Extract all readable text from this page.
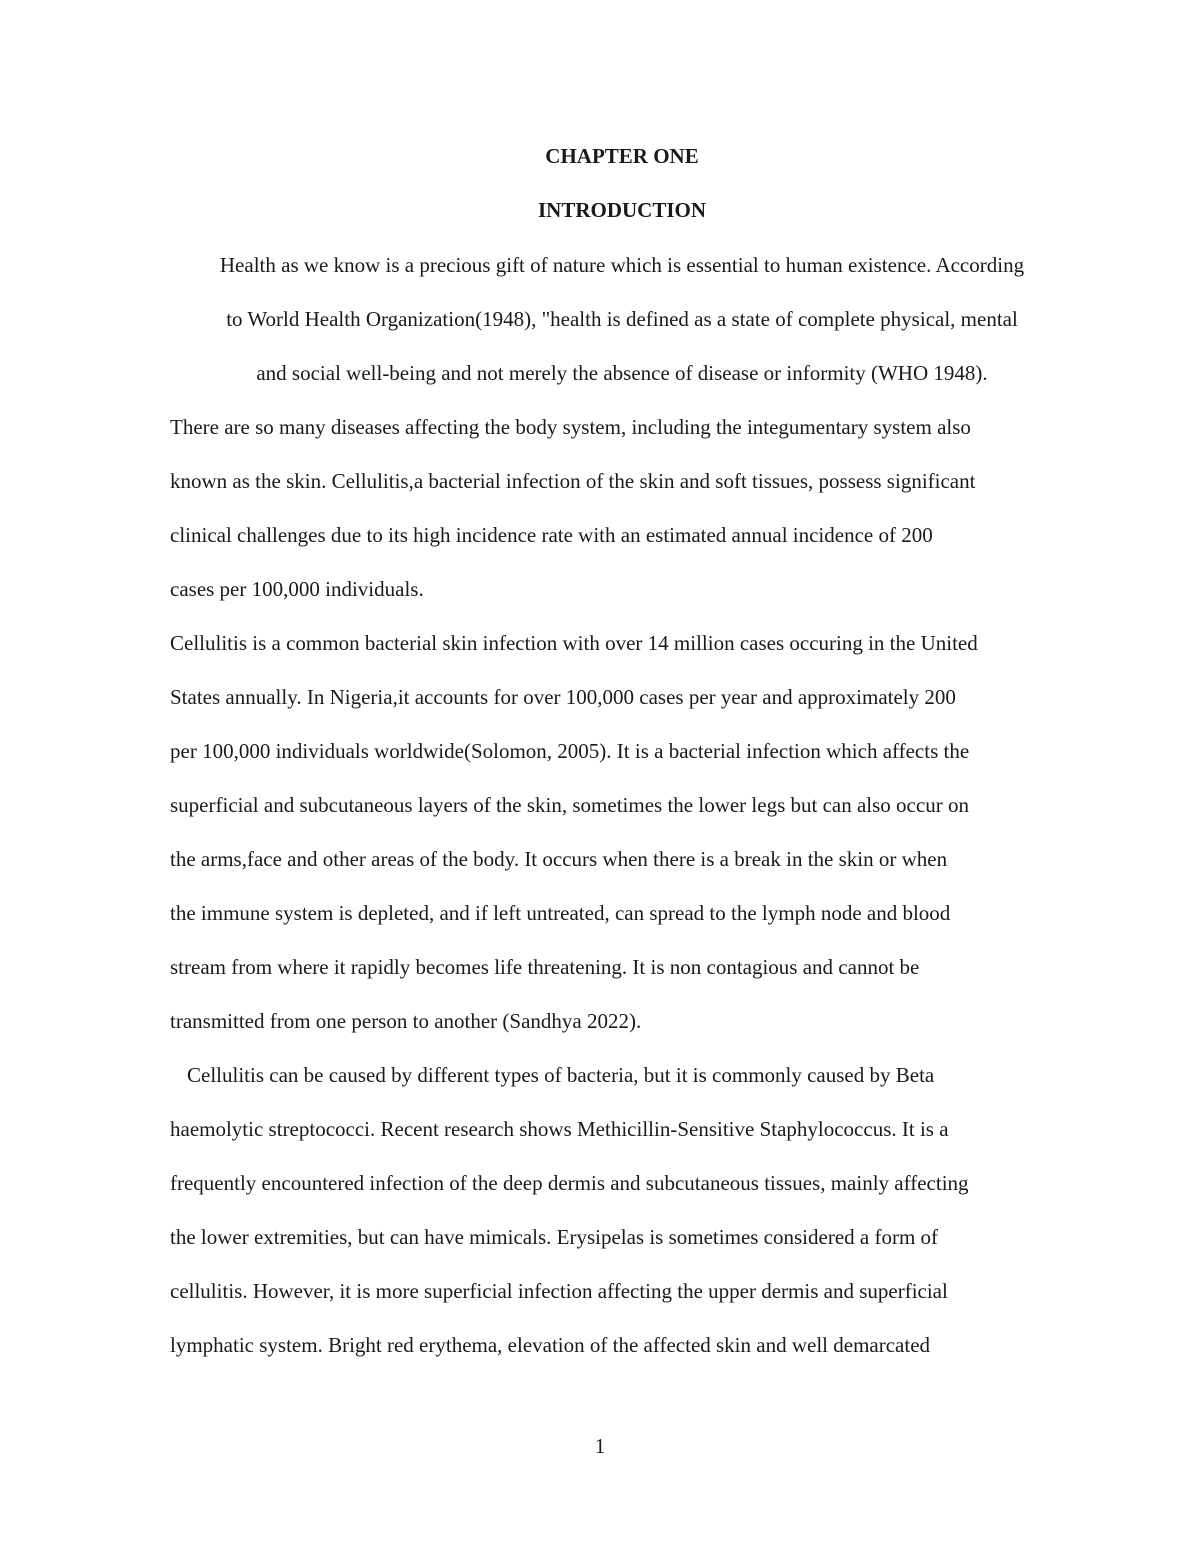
CHAPTER ONE
INTRODUCTION
Health as we know is a precious gift of nature which is essential to human existence. According
to World Health Organization(1948), "health is defined as a state of complete physical, mental
and social well-being and not merely the absence of disease or informity (WHO 1948).
There are so many diseases affecting the body system, including the integumentary system also
known as the skin. Cellulitis,a bacterial infection of the skin and soft tissues, possess significant
clinical challenges due to its high incidence rate with an estimated annual incidence of 200
cases per 100,000 individuals.
Cellulitis is a common bacterial skin infection with over 14 million cases occuring in the United
States annually. In Nigeria,it accounts for over 100,000 cases per year and approximately 200
per 100,000 individuals worldwide(Solomon, 2005). It is a bacterial infection which affects the
superficial and subcutaneous layers of the skin, sometimes the lower legs but can also occur on
the arms,face and other areas of the body. It occurs when there is a break in the skin or when
the immune system is depleted, and if left untreated, can spread to the lymph node and blood
stream from where it rapidly becomes life threatening. It is non contagious and cannot be
transmitted from one person to another (Sandhya 2022).
Cellulitis can be caused by different types of bacteria, but it is commonly caused by Beta
haemolytic streptococci. Recent research shows Methicillin-Sensitive Staphylococcus. It is a
frequently encountered infection of the deep dermis and subcutaneous tissues, mainly affecting
the lower extremities, but can have mimicals. Erysipelas is sometimes considered a form of
cellulitis. However, it is more superficial infection affecting the upper dermis and superficial
lymphatic system. Bright red erythema, elevation of the affected skin and well demarcated
1
